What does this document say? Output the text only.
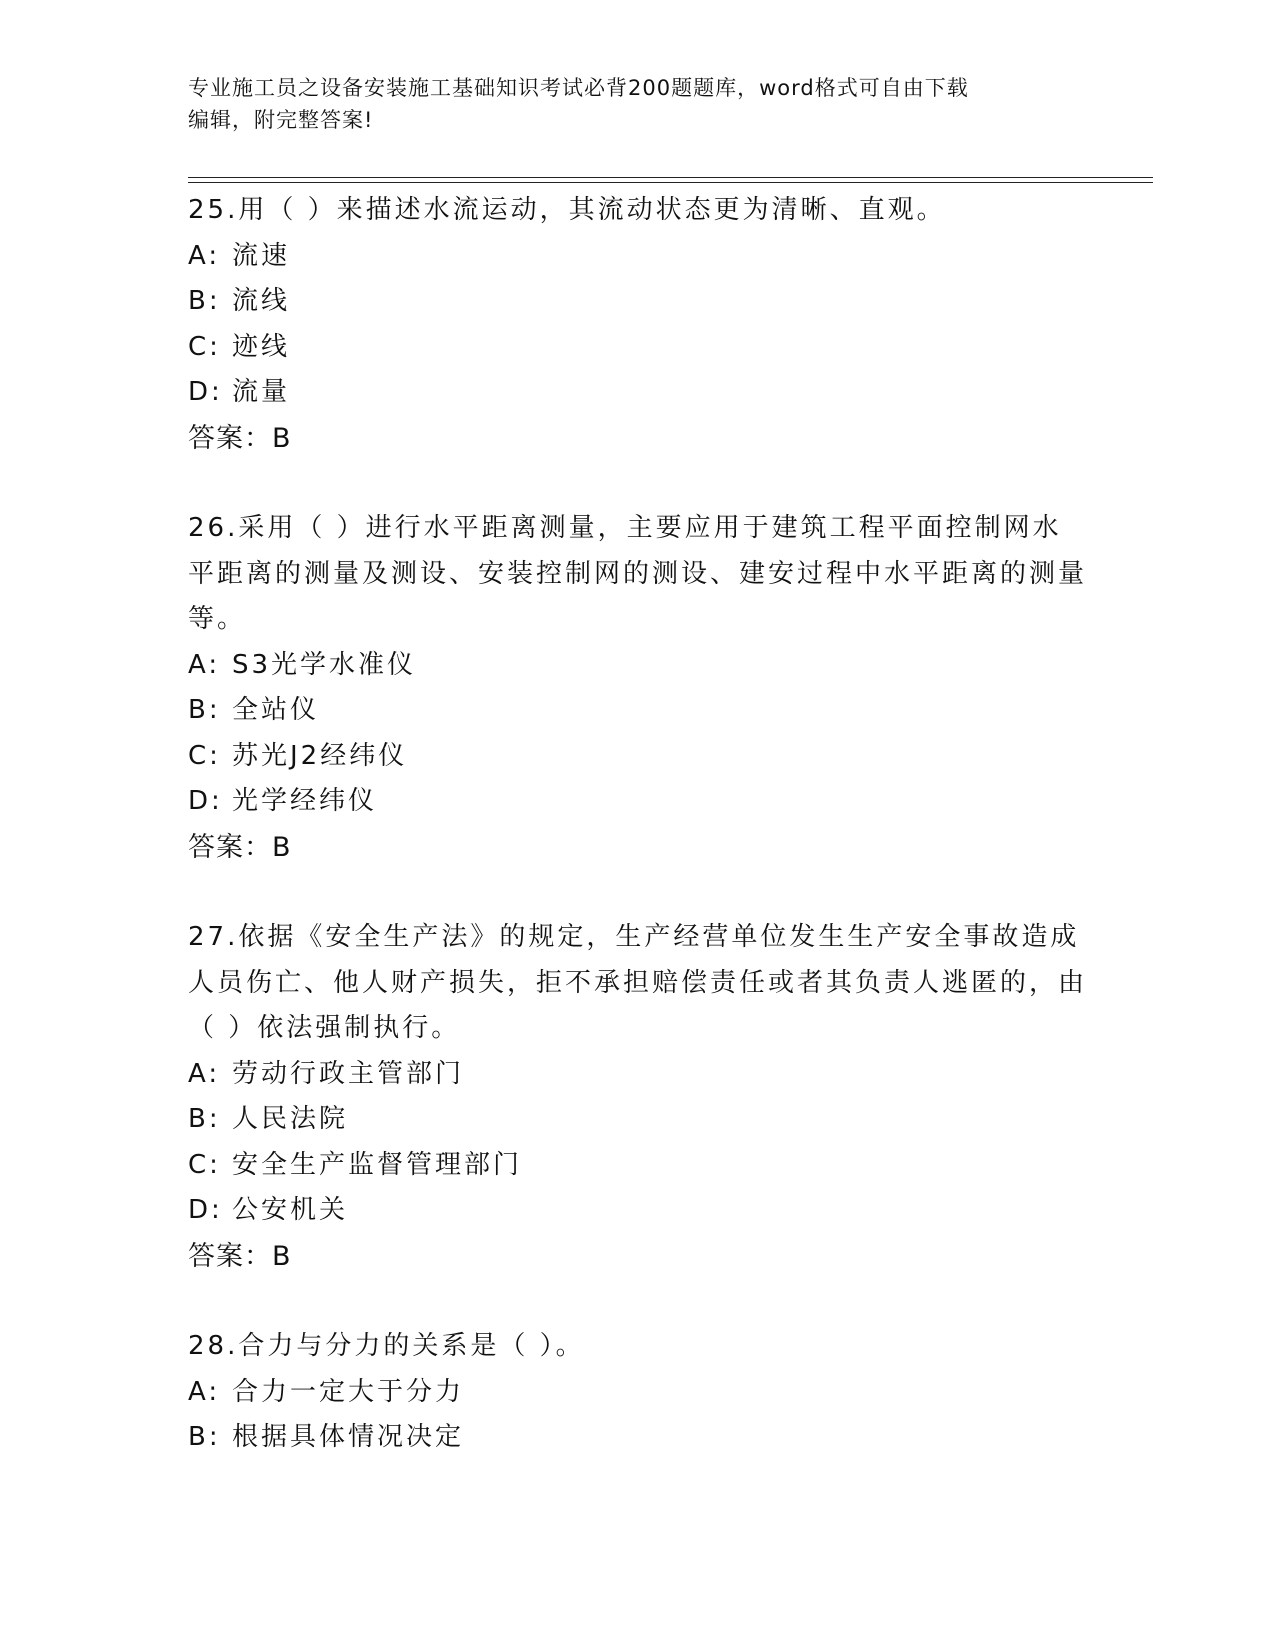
专业施工员之设备安装施工基础知识考试必背200题题库，word格式可自由下载
编辑，附完整答案!
25.用（ ）来描述水流运动，其流动状态更为清晰、直观。
A: 流速
B: 流线
C: 迹线
D: 流量
答案：B
26.采用（ ）进行水平距离测量，主要应用于建筑工程平面控制网水平距离的测量及测设、安装控制网的测设、建安过程中水平距离的测量等。
A: S3光学水准仪
B: 全站仪
C: 苏光J2经纬仪
D: 光学经纬仪
答案：B
27.依据《安全生产法》的规定，生产经营单位发生生产安全事故造成人员伤亡、他人财产损失，拒不承担赔偿责任或者其负责人逃匿的，由（ ）依法强制执行。
A: 劳动行政主管部门
B: 人民法院
C: 安全生产监督管理部门
D: 公安机关
答案：B
28.合力与分力的关系是（ ）。
A: 合力一定大于分力
B: 根据具体情况决定
